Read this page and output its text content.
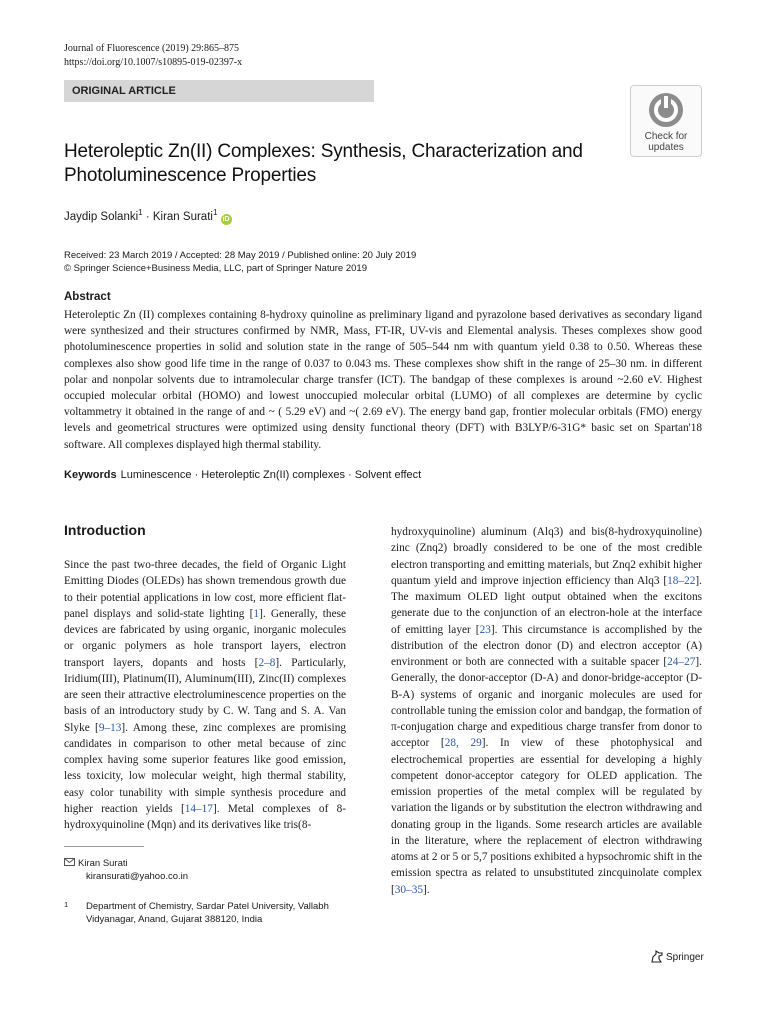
Journal of Fluorescence (2019) 29:865–875
https://doi.org/10.1007/s10895-019-02397-x
ORIGINAL ARTICLE
Check for
updates
Heteroleptic Zn(II) Complexes: Synthesis, Characterization and Photoluminescence Properties
Jaydip Solanki$^1$ · Kiran Surati$^1$ iD
Received: 23 March 2019 / Accepted: 28 May 2019 / Published online: 20 July 2019
© Springer Science+Business Media, LLC, part of Springer Nature 2019
Abstract

Heteroleptic Zn (II) complexes containing 8-hydroxy quinoline as preliminary ligand and pyrazolone based derivatives as secondary ligand were synthesized and their structures confirmed by NMR, Mass, FT-IR, UV-vis and Elemental analysis. Theses complexes show good photoluminescence properties in solid and solution state in the range of 505–544 nm with quantum yield 0.38 to 0.50. Whereas these complexes also show good life time in the range of 0.037 to 0.043 ms. These complexes show shift in the range of 25–30 nm. in different polar and nonpolar solvents due to intramolecular charge transfer (ICT). The bandgap of these complexes is around ~2.60 eV. Highest occupied molecular orbital (HOMO) and lowest unoccupied molecular orbital (LUMO) of all complexes are determine by cyclic voltammetry it obtained in the range of and ~ ( 5.29 eV) and ~( 2.69 eV). The energy band gap, frontier molecular orbitals (FMO) energy levels and geometrical structures were optimized using density functional theory (DFT) with B3LYP/6-31G* basic set on Spartan'18 software. All complexes displayed high thermal stability.

Keywords Luminescence · Heteroleptic Zn(II) complexes · Solvent effect
Introduction

Since the past two-three decades, the field of Organic Light Emitting Diodes (OLEDs) has shown tremendous growth due to their potential applications in low cost, more efficient flat-panel displays and solid-state lighting [1]. Generally, these devices are fabricated by using organic, inorganic molecules or organic polymers as hole transport layers, electron transport layers, dopants and hosts [2–8]. Particularly, Iridium(III), Platinum(II), Aluminum(III), Zinc(II) complexes are seen their attractive electroluminescence properties on the basis of an introductory study by C. W. Tang and S. A. Van Slyke [9–13]. Among these, zinc complexes are promising candidates in comparison to other metal because of zinc complex having some superior features like good emission, less toxicity, low molecular weight, high thermal stability, easy color tunability with simple synthesis procedure and higher reaction yields [14–17]. Metal complexes of 8-hydroxyquinoline (Mqn) and its derivatives like tris(8-

hydroxyquinoline) aluminum (Alq3) and bis(8-hydroxyquinoline) zinc (Znq2) broadly considered to be one of the most credible electron transporting and emitting materials, but Znq2 exhibit higher quantum yield and improve injection efficiency than Alq3 [18–22]. The maximum OLED light output obtained when the excitons generate due to the conjunction of an electron-hole at the interface of emitting layer [23]. This circumstance is accomplished by the distribution of the electron donor (D) and electron acceptor (A) environment or both are connected with a suitable spacer [24–27]. Generally, the donor-acceptor (D-A) and donor-bridge-acceptor (D-B-A) systems of organic and inorganic molecules are used for controllable tuning the emission color and bandgap, the formation of π-conjugation charge and expeditious charge transfer from donor to acceptor [28, 29]. In view of these photophysical and electrochemical properties are essential for developing a highly competent donor-acceptor category for OLED application. The emission properties of the metal complex will be regulated by variation the ligands or by substitution the electron withdrawing and donating group in the ligands. Some research articles are available in the literature, where the replacement of electron withdrawing atoms at 2 or 5 or 5,7 positions exhibited a hypsochromic shift in the emission spectra as related to unsubstituted zincquinolate complex [30–35].

Kiran Surati
kiransurati@yahoo.co.in
1	Department of Chemistry, Sardar Patel University, Vallabh Vidyanagar, Anand, Gujarat 388120, India
Springer
